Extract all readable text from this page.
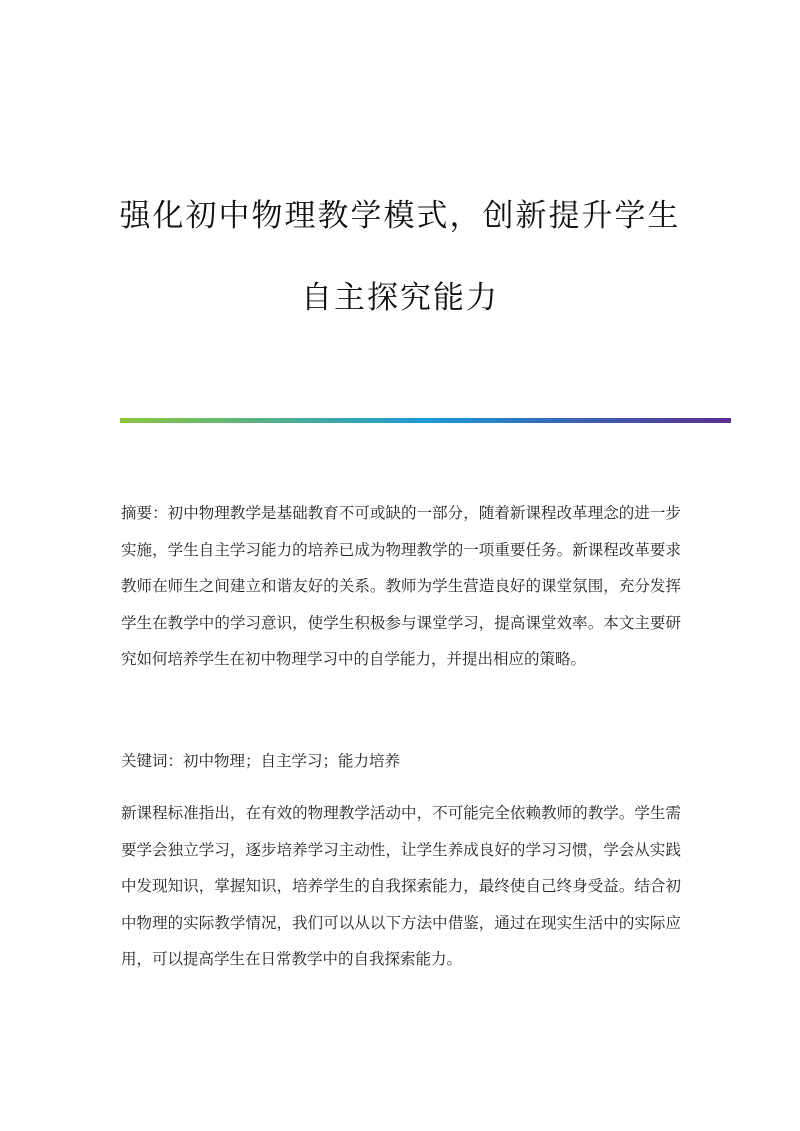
强化初中物理教学模式，创新提升学生
自主探究能力
摘要：初中物理教学是基础教育不可或缺的一部分，随着新课程改革理念的进一步实施，学生自主学习能力的培养已成为物理教学的一项重要任务。新课程改革要求教师在师生之间建立和谐友好的关系。教师为学生营造良好的课堂氛围，充分发挥学生在教学中的学习意识，使学生积极参与课堂学习，提高课堂效率。本文主要研究如何培养学生在初中物理学习中的自学能力，并提出相应的策略。
关键词：初中物理；自主学习；能力培养
新课程标准指出，在有效的物理教学活动中，不可能完全依赖教师的教学。学生需要学会独立学习，逐步培养学习主动性，让学生养成良好的学习习惯，学会从实践中发现知识，掌握知识，培养学生的自我探索能力，最终使自己终身受益。结合初中物理的实际教学情况，我们可以从以下方法中借鉴，通过在现实生活中的实际应用，可以提高学生在日常教学中的自我探索能力。
